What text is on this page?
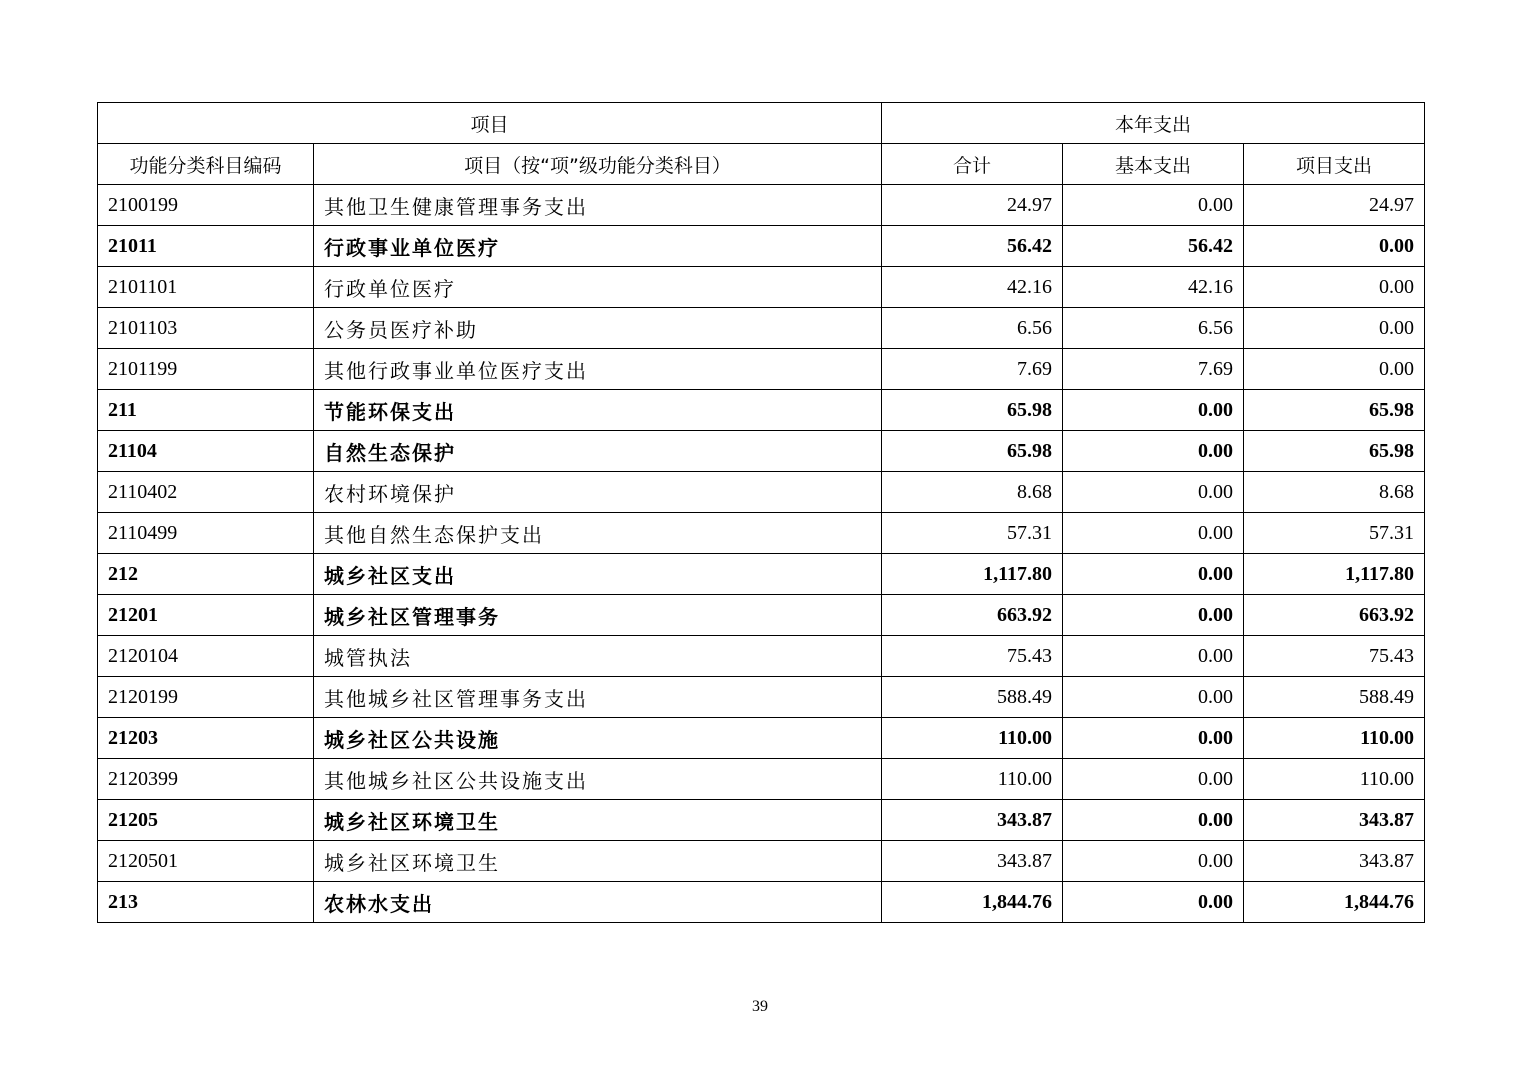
项目		本年支出		
功能分类科目编码	项目（按“项”级功能分类科目）	合计	基本支出	项目支出
2100199	其他卫生健康管理事务支出	24.97	0.00	24.97
21011	行政事业单位医疗	56.42	56.42	0.00
2101101	行政单位医疗	42.16	42.16	0.00
2101103	公务员医疗补助	6.56	6.56	0.00
2101199	其他行政事业单位医疗支出	7.69	7.69	0.00
211	节能环保支出	65.98	0.00	65.98
21104	自然生态保护	65.98	0.00	65.98
2110402	农村环境保护	8.68	0.00	8.68
2110499	其他自然生态保护支出	57.31	0.00	57.31
212	城乡社区支出	1,117.80	0.00	1,117.80
21201	城乡社区管理事务	663.92	0.00	663.92
2120104	城管执法	75.43	0.00	75.43
2120199	其他城乡社区管理事务支出	588.49	0.00	588.49
21203	城乡社区公共设施	110.00	0.00	110.00
2120399	其他城乡社区公共设施支出	110.00	0.00	110.00
21205	城乡社区环境卫生	343.87	0.00	343.87
2120501	城乡社区环境卫生	343.87	0.00	343.87
213	农林水支出	1,844.76	0.00	1,844.76
39
